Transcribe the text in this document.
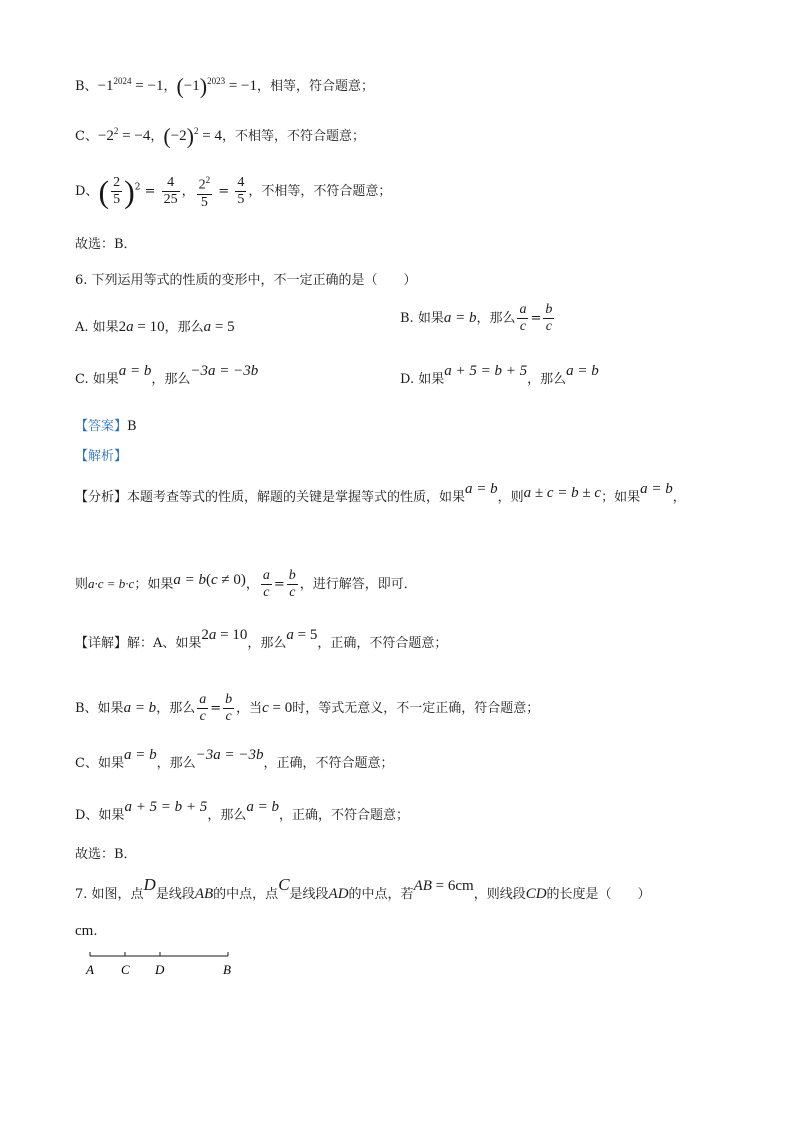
B、$-1^{2024} = -1$，$(-1)^{2023} = -1$，相等，符合题意；
C、$-2^2 = -4$，$(-2)^2 = 4$，不相等，不符合题意；
D、( $\frac{2}{5} )^2 = \frac{4}{25}$ ， $\frac{2^2}{5} = \frac{4}{5}$ ，不相等，不符合题意；
故选：B．
6. 下列运用等式的性质的变形中，不一定正确的是（　　）
A. 如果2a = 10，那么a = 5
B. 如果a = b，那么 $\frac{a}{c} = \frac{b}{c}$
C. 如果a = b，那么−3a = −3b
D. 如果a + 5 = b + 5，那么a = b
【答案】B
【解析】
【分析】本题考查等式的性质，解题的关键是掌握等式的性质，如果a = b，则a ± c = b ± c；如果a = b，
则a·c = b·c；如果a = b(c ≠ 0)， $\frac{a}{c} = \frac{b}{c}$ ，进行解答，即可．
【详解】解：A、如果2a = 10，那么a = 5，正确，不符合题意；
B、如果a = b，那么 $\frac{a}{c} = \frac{b}{c}$ ，当c = 0时，等式无意义，不一定正确，符合题意；
C、如果a = b，那么−3a = −3b，正确，不符合题意；
D、如果a + 5 = b + 5，那么a = b，正确，不符合题意；
故选：B．
7. 如图，点D是线段AB的中点，点C是线段AD的中点，若AB = 6cm，则线段CD的长度是（　　）
cm.
A C D	B
